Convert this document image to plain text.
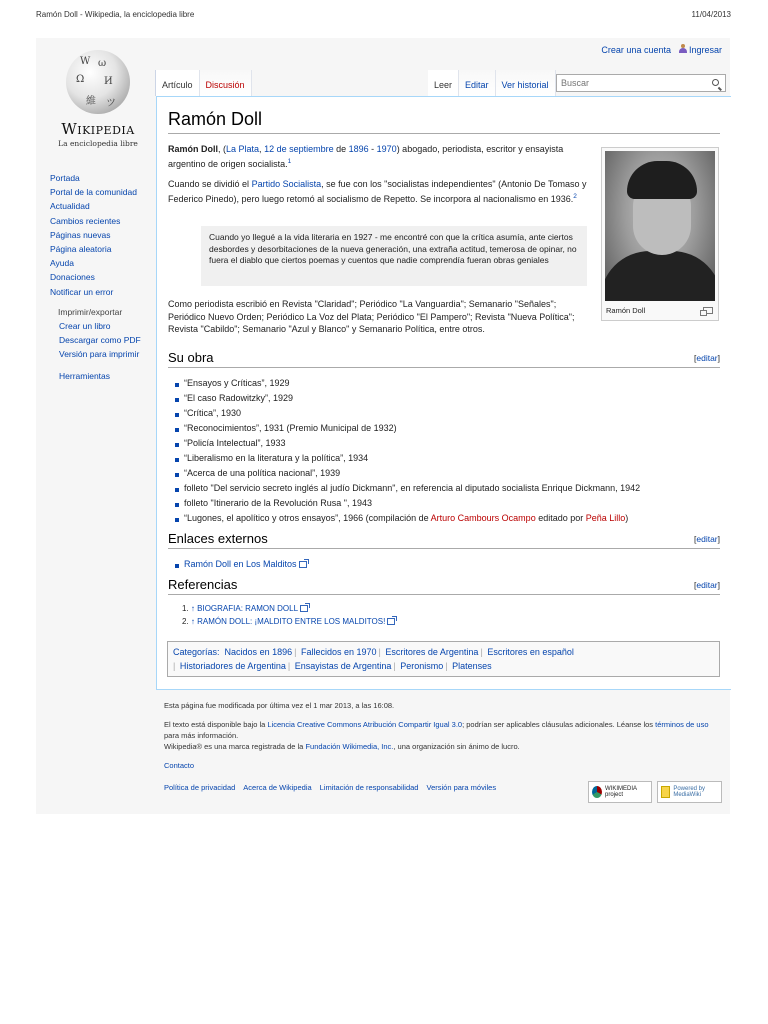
Ramón Doll - Wikipedia, la enciclopedia libre	11/04/2013
Crear una cuenta	Ingresar
W ω
Ω И
維 ツ
Wikipedia
La enciclopedia libre
Portada
Portal de la comunidad
Actualidad
Cambios recientes
Páginas nuevas
Página aleatoria
Ayuda
Donaciones
Notificar un error
Imprimir/exportar
Crear un libro
Descargar como PDF
Versión para imprimir
Herramientas
Artículo	Discusión	Leer	Editar	Ver historial
Buscar
Ramón Doll
Ramón Doll

Ramón Doll, (La Plata, 12 de septiembre de 1896 - 1970) abogado, periodista, escritor y ensayista argentino de origen socialista.$^1$

Cuando se dividió el Partido Socialista, se fue con los "socialistas independientes" (Antonio De Tomaso y Federico Pinedo), pero luego retomó al socialismo de Repetto. Se incorpora al nacionalismo en 1936.$^2$

Cuando yo llegué a la vida literaria en 1927 - me encontré con que la crítica asumía, ante ciertos desbordes y desorbitaciones de la nueva generación, una extraña actitud, temerosa de opinar, no fuera el diablo que ciertos poemas y cuentos que nadie comprendía fueran obras geniales

Como periodista escribió en Revista "Claridad"; Periódico "La Vanguardia"; Semanario "Señales"; Periódico Nuevo Orden; Periódico La Voz del Plata; Periódico "El Pampero"; Revista "Nueva Política"; Revista "Cabildo"; Semanario "Azul y Blanco" y Semanario Política, entre otros.

Su obra	[editar]
“Ensayos y Críticas”, 1929
“El caso Radowitzky”, 1929
“Crítica”, 1930
“Reconocimientos”, 1931 (Premio Municipal de 1932)
“Policía Intelectual”, 1933
“Liberalismo en la literatura y la política”, 1934
“Acerca de una política nacional”, 1939
folleto "Del servicio secreto inglés al judío Dickmann", en referencia al diputado socialista Enrique Dickmann, 1942
folleto "Itinerario de la Revolución Rusa ", 1943
“Lugones, el apolítico y otros ensayos”, 1966 (compilación de Arturo Cambours Ocampo editado por Peña Lillo)
Enlaces externos	[editar]
Ramón Doll en Los Malditos
Referencias	[editar]
1. ↑ BIOGRAFIA: RAMON DOLL
2. ↑ RAMÓN DOLL: ¡MALDITO ENTRE LOS MALDITOS!
Categorías: Nacidos en 1896 | Fallecidos en 1970 | Escritores de Argentina | Escritores en español
| Historiadores de Argentina | Ensayistas de Argentina | Peronismo | Platenses
Esta página fue modificada por última vez el 1 mar 2013, a las 16:08.
El texto está disponible bajo la Licencia Creative Commons Atribución Compartir Igual 3.0; podrían ser aplicables cláusulas adicionales. Léanse los términos de uso para más información.
Wikipedia® es una marca registrada de la Fundación Wikimedia, Inc., una organización sin ánimo de lucro.
Contacto
Política de privacidad Acerca de Wikipedia Limitación de responsabilidad Versión para móviles	WIKIMEDIA project
Powered by MediaWiki
